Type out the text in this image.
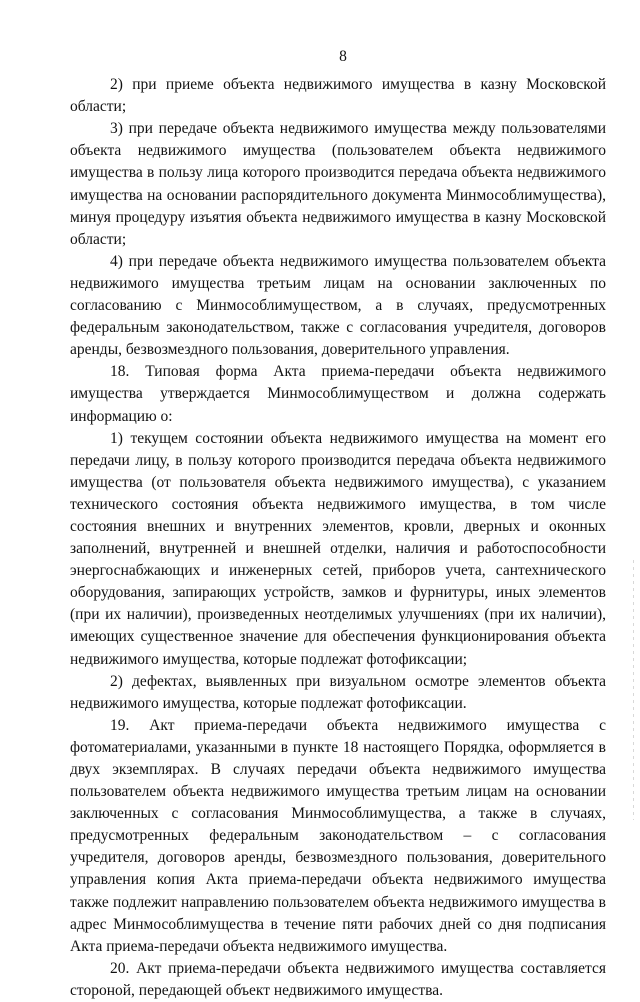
8

2) при приеме объекта недвижимого имущества в казну Московской области;

3) при передаче объекта недвижимого имущества между пользователями объекта недвижимого имущества (пользователем объекта недвижимого имущества в пользу лица которого производится передача объекта недвижимого имущества на основании распорядительного документа Минмособлимущества), минуя процедуру изъятия объекта недвижимого имущества в казну Московской области;

4) при передаче объекта недвижимого имущества пользователем объекта недвижимого имущества третьим лицам на основании заключенных по согласованию с Минмособлимуществом, а в случаях, предусмотренных федеральным законодательством, также с согласования учредителя, договоров аренды, безвозмездного пользования, доверительного управления.

18. Типовая форма Акта приема-передачи объекта недвижимого имущества утверждается Минмособлимуществом и должна содержать информацию о:

1) текущем состоянии объекта недвижимого имущества на момент его передачи лицу, в пользу которого производится передача объекта недвижимого имущества (от пользователя объекта недвижимого имущества), с указанием технического состояния объекта недвижимого имущества, в том числе состояния внешних и внутренних элементов, кровли, дверных и оконных заполнений, внутренней и внешней отделки, наличия и работоспособности энергоснабжающих и инженерных сетей, приборов учета, сантехнического оборудования, запирающих устройств, замков и фурнитуры, иных элементов (при их наличии), произведенных неотделимых улучшениях (при их наличии), имеющих существенное значение для обеспечения функционирования объекта недвижимого имущества, которые подлежат фотофиксации;

2) дефектах, выявленных при визуальном осмотре элементов объекта недвижимого имущества, которые подлежат фотофиксации.

19. Акт приема-передачи объекта недвижимого имущества с фотоматериалами, указанными в пункте 18 настоящего Порядка, оформляется в двух экземплярах. В случаях передачи объекта недвижимого имущества пользователем объекта недвижимого имущества третьим лицам на основании заключенных с согласования Минмособлимущества, а также в случаях, предусмотренных федеральным законодательством – с согласования учредителя, договоров аренды, безвозмездного пользования, доверительного управления копия Акта приема-передачи объекта недвижимого имущества также подлежит направлению пользователем объекта недвижимого имущества в адрес Минмособлимущества в течение пяти рабочих дней со дня подписания Акта приема-передачи объекта недвижимого имущества.

20. Акт приема-передачи объекта недвижимого имущества составляется стороной, передающей объект недвижимого имущества.
